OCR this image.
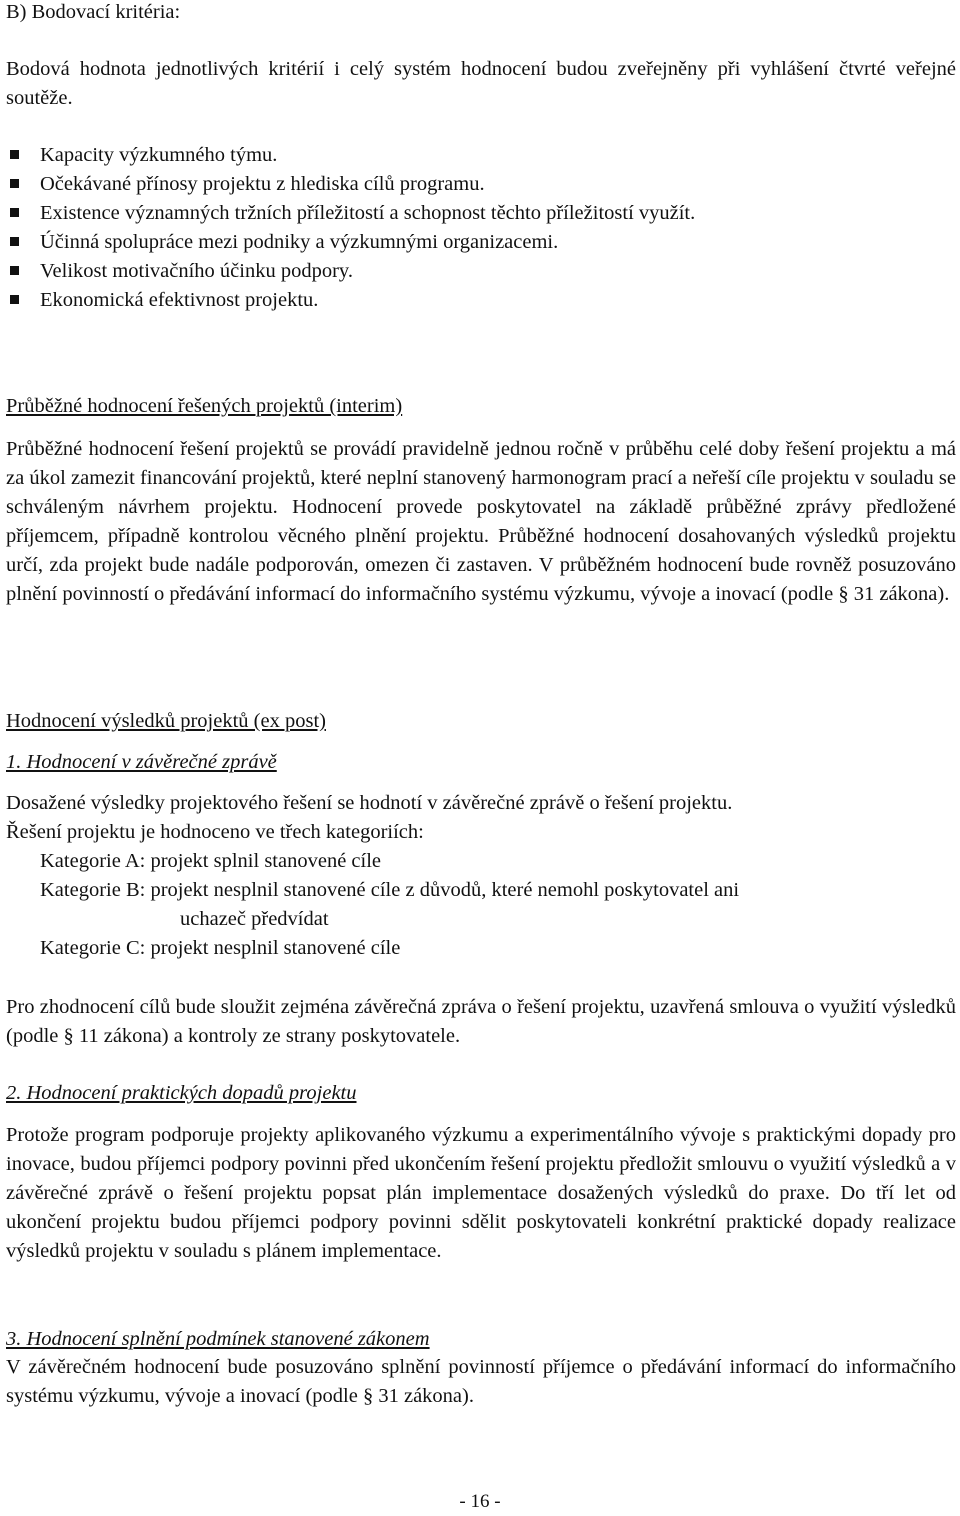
B) Bodovací kritéria:

Bodová hodnota jednotlivých kritérií i celý systém hodnocení budou zveřejněny při vyhlášení čtvrté veřejné soutěže.

Kapacity výzkumného týmu.
Očekávané přínosy projektu z hlediska cílů programu.
Existence významných tržních příležitostí a schopnost těchto příležitostí využít.
Účinná spolupráce mezi podniky a výzkumnými organizacemi.
Velikost motivačního účinku podpory.
Ekonomická efektivnost projektu.

Průběžné hodnocení řešených projektů (interim)

Průběžné hodnocení řešení projektů se provádí pravidelně jednou ročně v průběhu celé doby řešení projektu a má za úkol zamezit financování projektů, které neplní stanovený harmonogram prací a neřeší cíle projektu v souladu se schváleným návrhem projektu. Hodnocení provede poskytovatel na základě průběžné zprávy předložené příjemcem, případně kontrolou věcného plnění projektu. Průběžné hodnocení dosahovaných výsledků projektu určí, zda projekt bude nadále podporován, omezen či zastaven. V průběžném hodnocení bude rovněž posuzováno plnění povinností o předávání informací do informačního systému výzkumu, vývoje a inovací (podle § 31 zákona).

Hodnocení výsledků projektů (ex post)

1. Hodnocení v závěrečné zprávě

Dosažené výsledky projektového řešení se hodnotí v závěrečné zprávě o řešení projektu.

Řešení projektu je hodnoceno ve třech kategoriích:

Kategorie A: projekt splnil stanovené cíle

Kategorie B: projekt nesplnil stanovené cíle z důvodů, které nemohl poskytovatel ani

uchazeč předvídat

Kategorie C: projekt nesplnil stanovené cíle

Pro zhodnocení cílů bude sloužit zejména závěrečná zpráva o řešení projektu, uzavřená smlouva o využití výsledků (podle § 11 zákona) a kontroly ze strany poskytovatele.

2. Hodnocení praktických dopadů projektu

Protože program podporuje projekty aplikovaného výzkumu a experimentálního vývoje s praktickými dopady pro inovace, budou příjemci podpory povinni před ukončením řešení projektu předložit smlouvu o využití výsledků a v závěrečné zprávě o řešení projektu popsat plán implementace dosažených výsledků do praxe. Do tří let od ukončení projektu budou příjemci podpory povinni sdělit poskytovateli konkrétní praktické dopady realizace výsledků projektu v souladu s plánem implementace.

3. Hodnocení splnění podmínek stanovené zákonem

V závěrečném hodnocení bude posuzováno splnění povinností příjemce o předávání informací do informačního systému výzkumu, vývoje a inovací (podle § 31 zákona).

- 16 -
